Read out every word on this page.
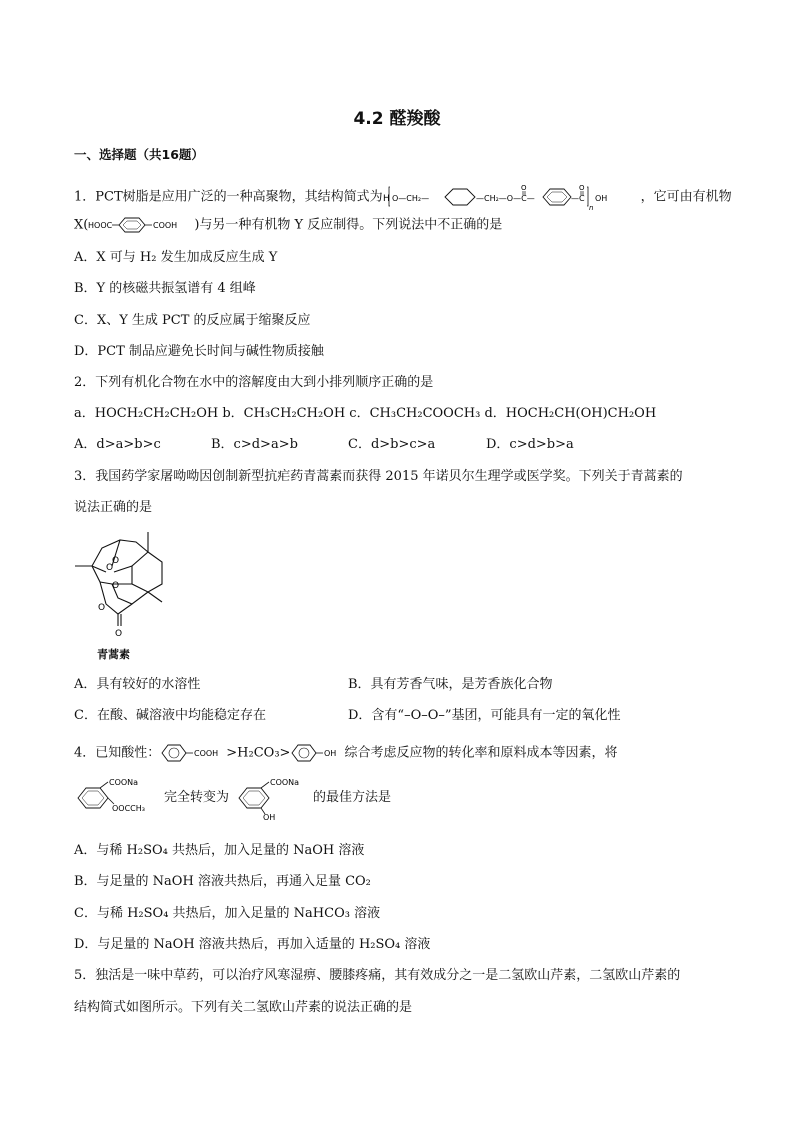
4.2 醛羧酸
一、选择题（共16题）
1．PCT树脂是应用广泛的一种高聚物，其结构简式为 H O—CH₂—	—CH₂—O—C—
O
—C
O
n
OH	，它可由有机物
X( HOOC	COOH )与另一种有机物 Y 反应制得。下列说法中不正确的是
A．X 可与 H₂ 发生加成反应生成 Y
B．Y 的核磁共振氢谱有 4 组峰
C．X、Y 生成 PCT 的反应属于缩聚反应
D．PCT 制品应避免长时间与碱性物质接触
2．下列有机化合物在水中的溶解度由大到小排列顺序正确的是
a．HOCH₂CH₂CH₂OH b．CH₃CH₂CH₂OH c．CH₃CH₂COOCH₃ d．HOCH₂CH(OH)CH₂OH
A．d>a>b>c	B．c>d>a>b	C．d>b>c>a	D．c>d>b>a
3．我国药学家屠呦呦因创制新型抗疟药青蒿素而获得 2015 年诺贝尔生理学或医学奖。下列关于青蒿素的
说法正确的是
O
O
O
O
O
青蒿素
A．具有较好的水溶性	B．具有芳香气味，是芳香族化合物
C．在酸、碱溶液中均能稳定存在	D．含有“–O–O–”基团，可能具有一定的氧化性
4．已知酸性：	COOH >H₂CO₃>	OH 综合考虑反应物的转化率和原料成本等因素，将
COONa
OOCCH₃
完全转变为
COONa
OH
的最佳方法是
A．与稀 H₂SO₄ 共热后，加入足量的 NaOH 溶液
B．与足量的 NaOH 溶液共热后，再通入足量 CO₂
C．与稀 H₂SO₄ 共热后，加入足量的 NaHCO₃ 溶液
D．与足量的 NaOH 溶液共热后，再加入适量的 H₂SO₄ 溶液
5．独活是一味中草药，可以治疗风寒湿痹、腰膝疼痛，其有效成分之一是二氢欧山芹素，二氢欧山芹素的
结构简式如图所示。下列有关二氢欧山芹素的说法正确的是
